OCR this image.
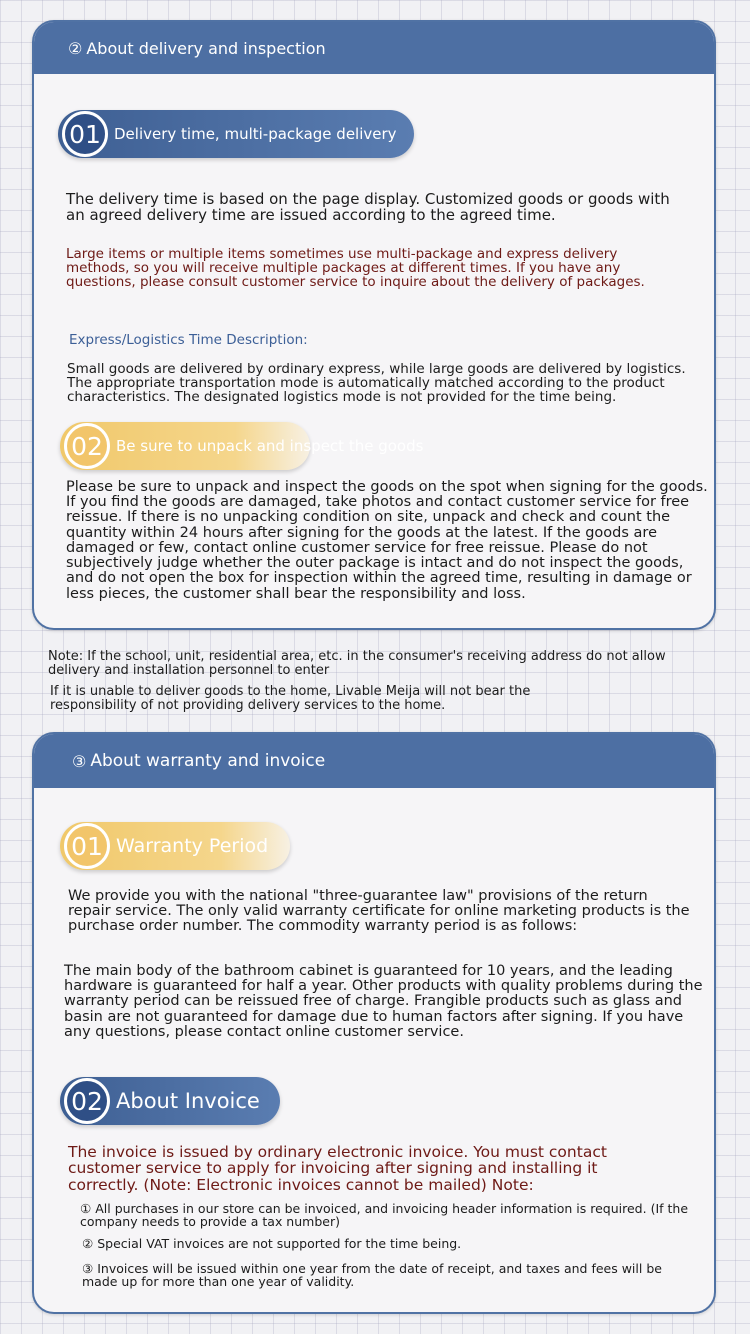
② About delivery and inspection
01 Delivery time, multi-package delivery
The delivery time is based on the page display. Customized goods or goods with an agreed delivery time are issued according to the agreed time.
Large items or multiple items sometimes use multi-package and express delivery methods, so you will receive multiple packages at different times. If you have any questions, please consult customer service to inquire about the delivery of packages.
Express/Logistics Time Description:
Small goods are delivered by ordinary express, while large goods are delivered by logistics. The appropriate transportation mode is automatically matched according to the product characteristics. The designated logistics mode is not provided for the time being.
02 Be sure to unpack and inspect the goods
Please be sure to unpack and inspect the goods on the spot when signing for the goods. If you find the goods are damaged, take photos and contact customer service for free reissue. If there is no unpacking condition on site, unpack and check and count the quantity within 24 hours after signing for the goods at the latest. If the goods are damaged or few, contact online customer service for free reissue. Please do not subjectively judge whether the outer package is intact and do not inspect the goods, and do not open the box for inspection within the agreed time, resulting in damage or less pieces, the customer shall bear the responsibility and loss.
Note: If the school, unit, residential area, etc. in the consumer's receiving address do not allow delivery and installation personnel to enter
If it is unable to deliver goods to the home, Livable Meija will not bear the responsibility of not providing delivery services to the home.
③ About warranty and invoice
01 Warranty Period
We provide you with the national "three-guarantee law" provisions of the return repair service. The only valid warranty certificate for online marketing products is the purchase order number. The commodity warranty period is as follows:
The main body of the bathroom cabinet is guaranteed for 10 years, and the leading hardware is guaranteed for half a year. Other products with quality problems during the warranty period can be reissued free of charge. Frangible products such as glass and basin are not guaranteed for damage due to human factors after signing. If you have any questions, please contact online customer service.
02 About Invoice
The invoice is issued by ordinary electronic invoice. You must contact customer service to apply for invoicing after signing and installing it correctly. (Note: Electronic invoices cannot be mailed) Note:
① All purchases in our store can be invoiced, and invoicing header information is required. (If the company needs to provide a tax number)
② Special VAT invoices are not supported for the time being.
③ Invoices will be issued within one year from the date of receipt, and taxes and fees will be made up for more than one year of validity.
